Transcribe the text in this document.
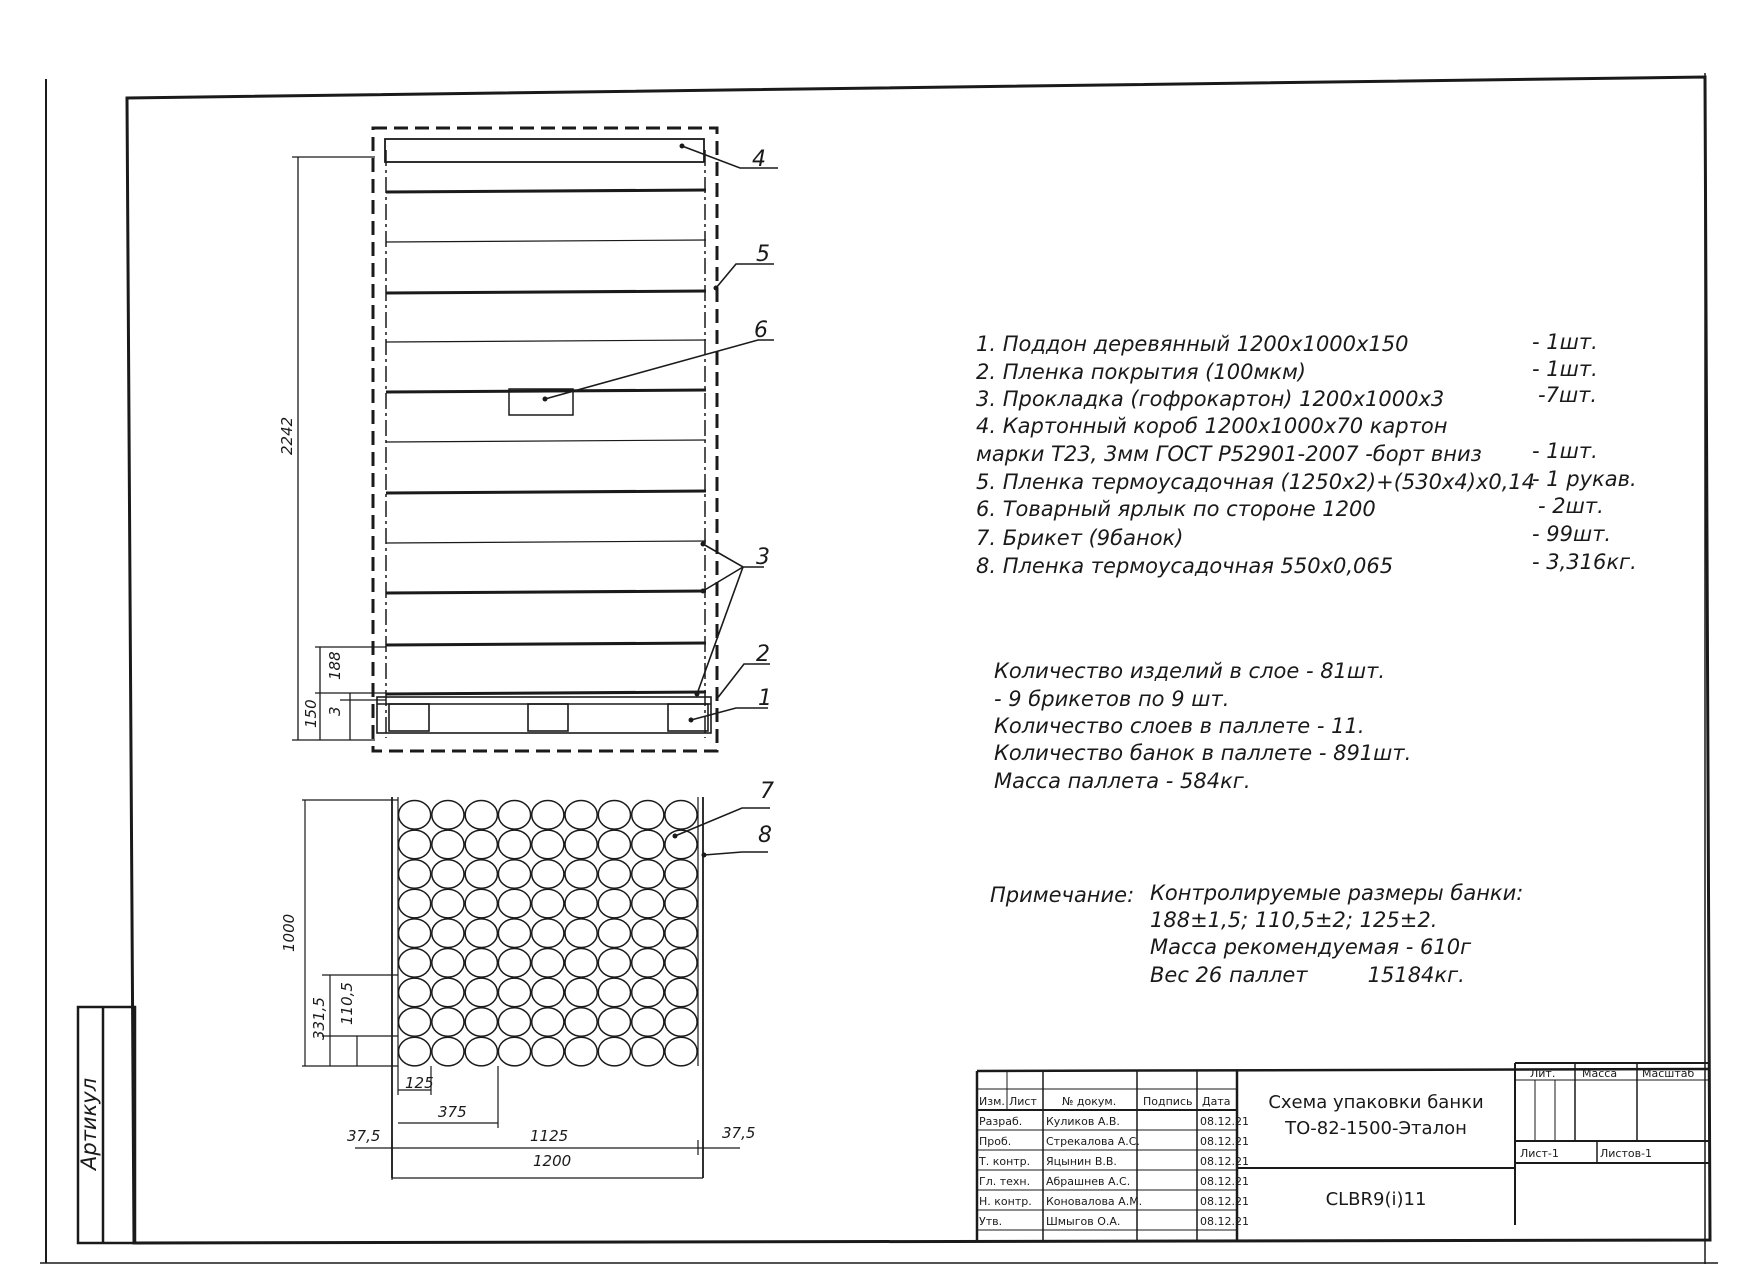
Артикул
4
5
6
3
2
1
7
8
2242
188
3
150
1000
331,5 110,5
125
375
37,5	1125	37,5
1200
1. Поддон деревянный 1200х1000х150	- 1шт.
2. Пленка покрытия (100мкм)	- 1шт.
3. Прокладка (гофрокартон) 1200х1000х3	-7шт.
4. Картонный короб 1200х1000х70 картон
марки Т23, 3мм ГОСТ Р52901-2007 -борт вниз - 1шт.
5. Пленка термоусадочная (1250х2)+(530х4)х0,14
- 1 рукав.
6. Товарный ярлык по стороне 1200	- 2шт.
7. Брикет (9банок)	- 99шт.
8. Пленка термоусадочная 550х0,065	- 3,316кг.
Количество изделий в слое - 81шт.
- 9 брикетов по 9 шт.
Количество слоев в паллете - 11.
Количество банок в паллете - 891шт.
Масса паллета - 584кг.
Примечание: Контролируемые размеры банки:
188±1,5; 110,5±2; 125±2.
Масса рекомендуемая - 610г
Вес 26 паллет         15184кг.
Изм. Лист № докум. Подпись Дата
Разраб. Куликов А.В.	08.12.21
Проб.	Стрекалова А.С.	08.12.21
Т. контр. Яцынин В.В.	08.12.21
Гл. техн. Абрашнев А.С.	08.12.21
Н. контр. Коновалова А.М.	08.12.21
Утв.	Шмыгов О.А.	08.12.21
Схема упаковки банки
ТО-82-1500-Эталон
CLBR9(i)11
Лит. Масса Масштаб
Лист-1	Листов-1
